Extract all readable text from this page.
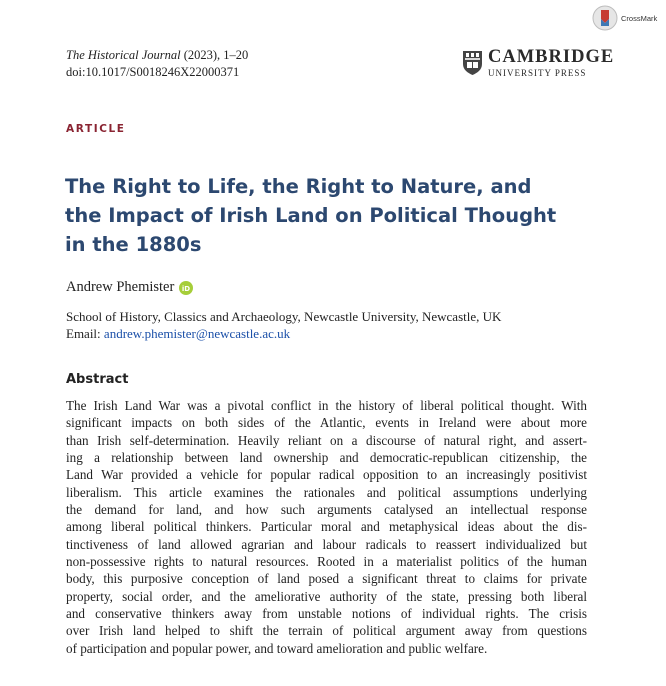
CrossMark
The Historical Journal (2023), 1–20
doi:10.1017/S0018246X22000371
CAMBRIDGE
UNIVERSITY PRESS
ARTICLE
The Right to Life, the Right to Nature, and
the Impact of Irish Land on Political Thought
in the 1880s
Andrew Phemister iD
School of History, Classics and Archaeology, Newcastle University, Newcastle, UK
Email: andrew.phemister@newcastle.ac.uk
Abstract
The Irish Land War was a pivotal conflict in the history of liberal political thought. With
significant impacts on both sides of the Atlantic, events in Ireland were about more
than Irish self-determination. Heavily reliant on a discourse of natural right, and assert-
ing a relationship between land ownership and democratic-republican citizenship, the
Land War provided a vehicle for popular radical opposition to an increasingly positivist
liberalism. This article examines the rationales and political assumptions underlying
the demand for land, and how such arguments catalysed an intellectual response
among liberal political thinkers. Particular moral and metaphysical ideas about the dis-
tinctiveness of land allowed agrarian and labour radicals to reassert individualized but
non-possessive rights to natural resources. Rooted in a materialist politics of the human
body, this purposive conception of land posed a significant threat to claims for private
property, social order, and the ameliorative authority of the state, pressing both liberal
and conservative thinkers away from unstable notions of individual rights. The crisis
over Irish land helped to shift the terrain of political argument away from questions
of participation and popular power, and toward amelioration and public welfare.
